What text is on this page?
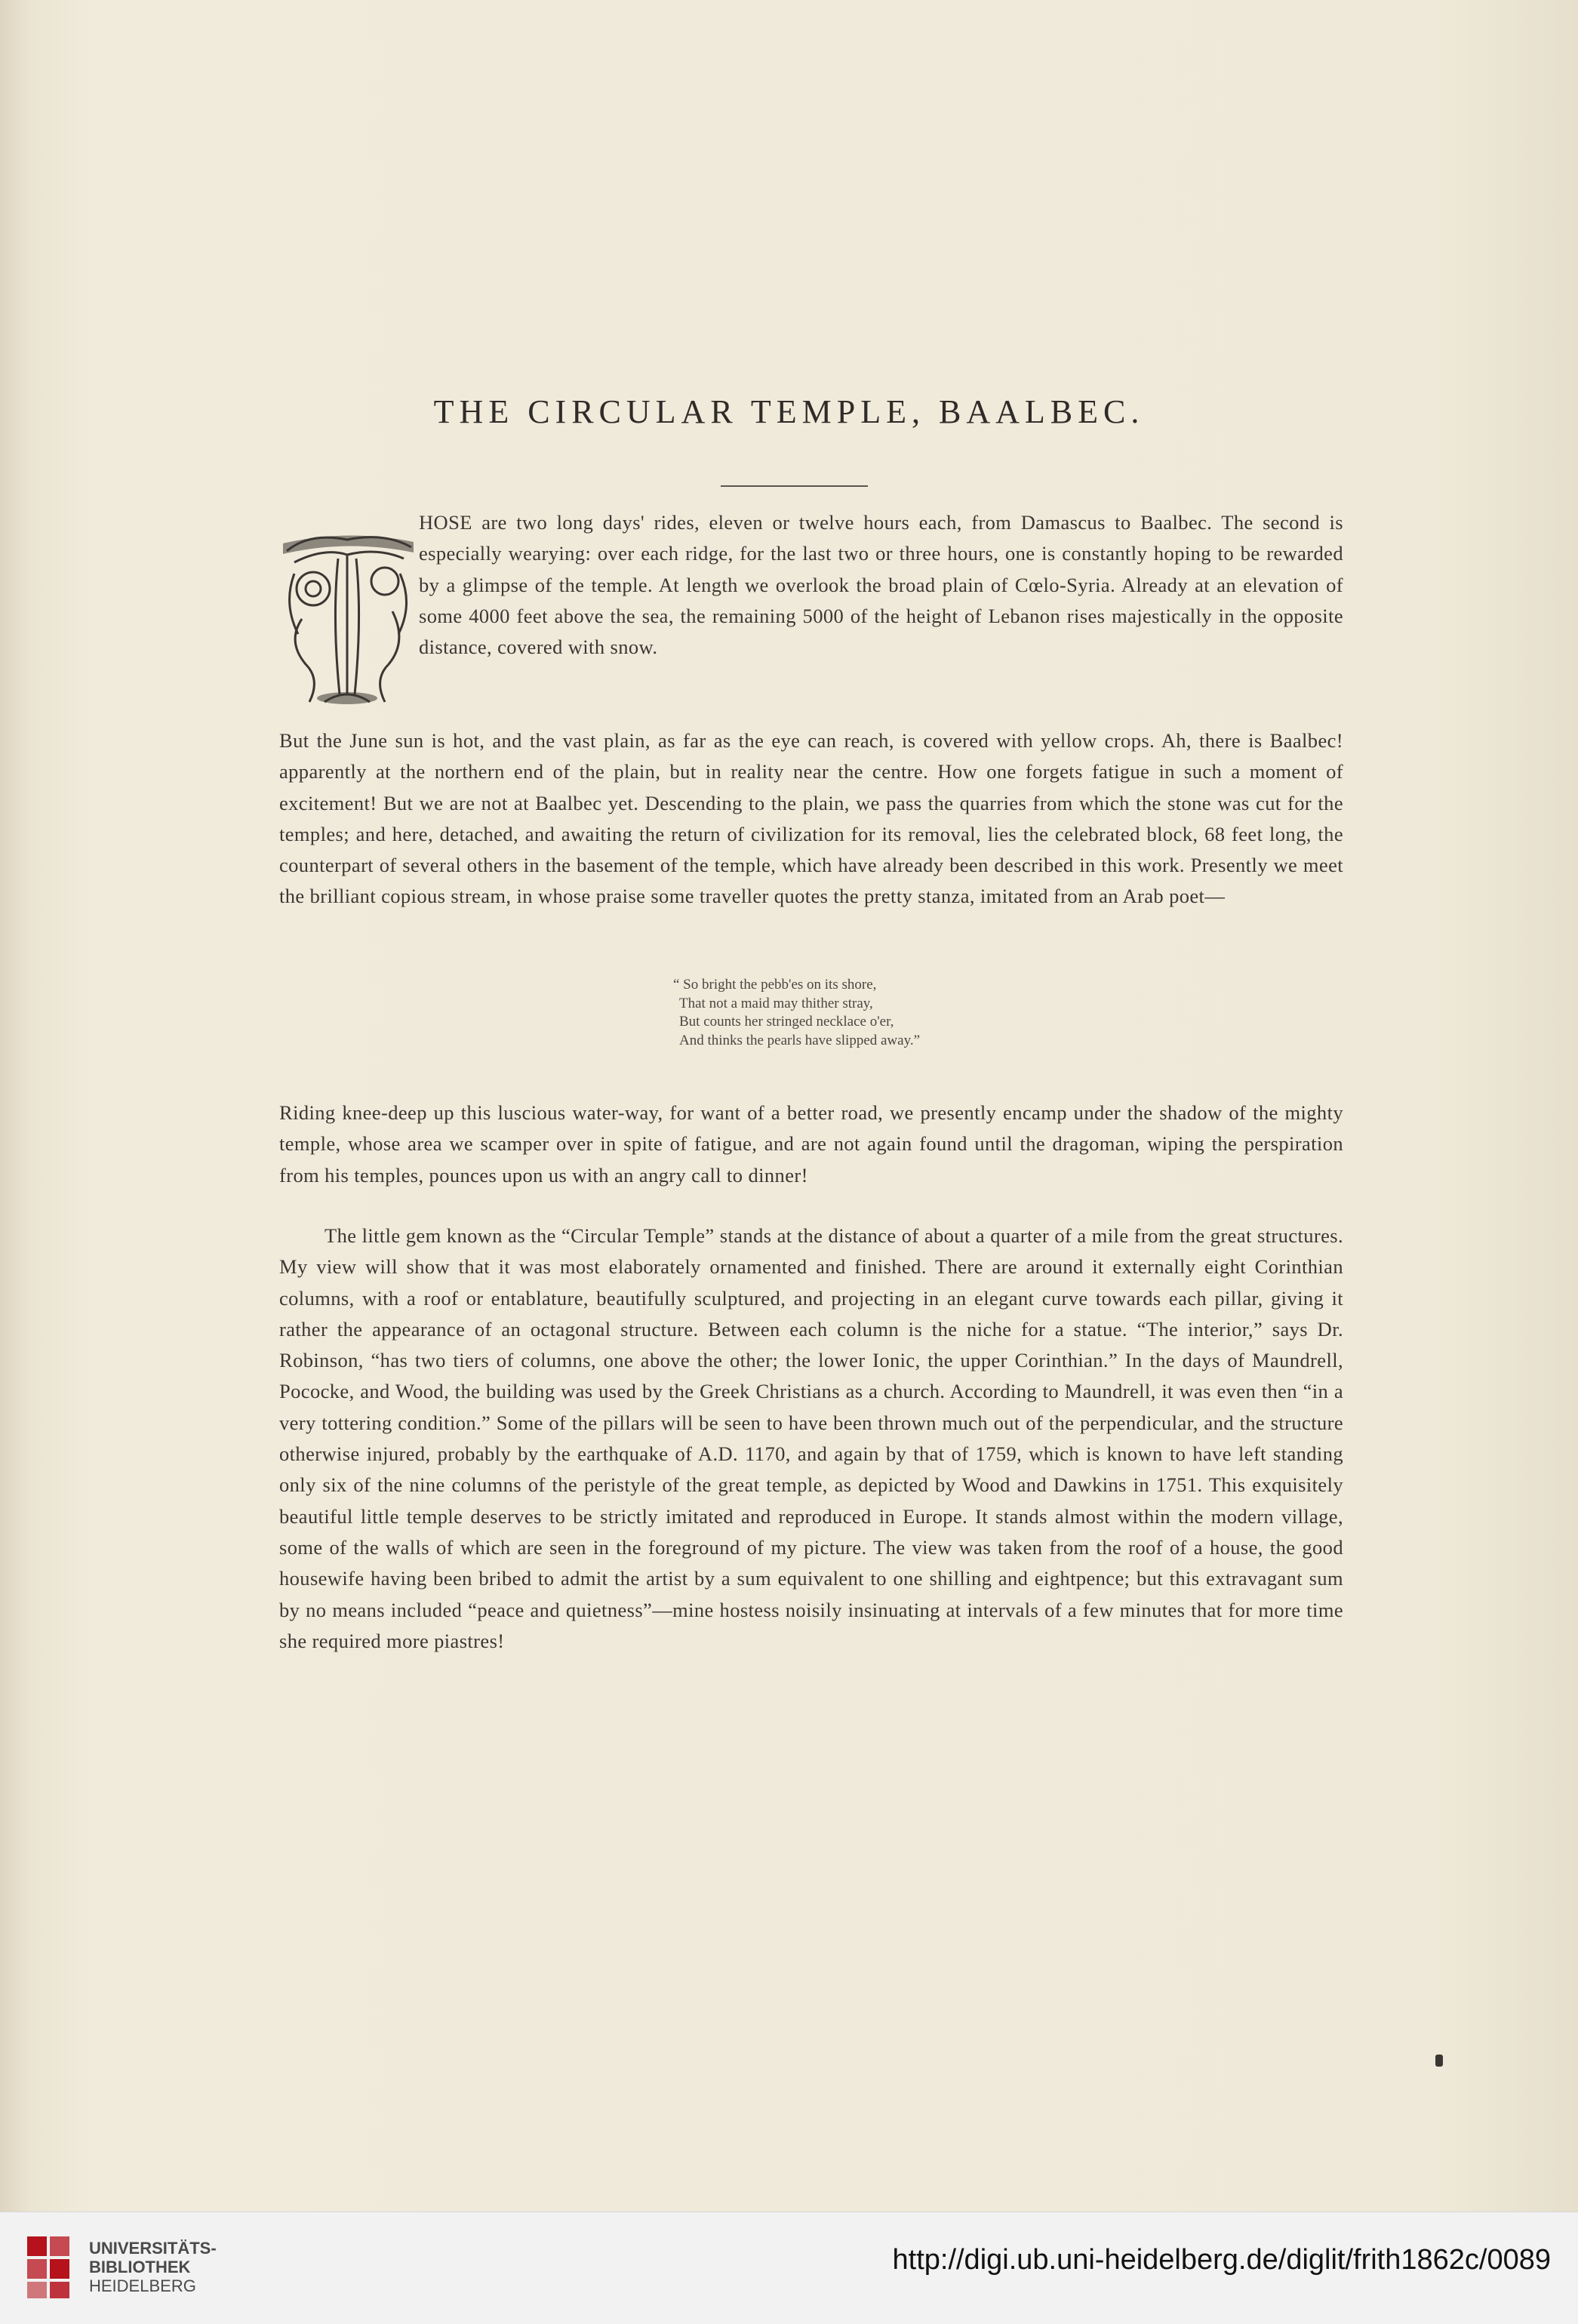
THE CIRCULAR TEMPLE, BAALBEC.

HOSE are two long days' rides, eleven or twelve hours each, from Damascus to Baalbec. The second is especially wearying: over each ridge, for the last two or three hours, one is constantly hoping to be rewarded by a glimpse of the temple. At length we overlook the broad plain of Cœlo-Syria. Already at an elevation of some 4000 feet above the sea, the remaining 5000 of the height of Lebanon rises majestically in the opposite distance, covered with snow.

But the June sun is hot, and the vast plain, as far as the eye can reach, is covered with yellow crops. Ah, there is Baalbec! apparently at the northern end of the plain, but in reality near the centre. How one forgets fatigue in such a moment of excitement! But we are not at Baalbec yet. Descending to the plain, we pass the quarries from which the stone was cut for the temples; and here, detached, and awaiting the return of civilization for its removal, lies the celebrated block, 68 feet long, the counterpart of several others in the basement of the temple, which have already been described in this work. Presently we meet the brilliant copious stream, in whose praise some traveller quotes the pretty stanza, imitated from an Arab poet—

“ So bright the pebb'es on its shore,
That not a maid may thither stray,
But counts her stringed necklace o'er,
And thinks the pearls have slipped away.”

Riding knee-deep up this luscious water-way, for want of a better road, we presently encamp under the shadow of the mighty temple, whose area we scamper over in spite of fatigue, and are not again found until the dragoman, wiping the perspiration from his temples, pounces upon us with an angry call to dinner!

The little gem known as the “Circular Temple” stands at the distance of about a quarter of a mile from the great structures. My view will show that it was most elaborately ornamented and finished. There are around it externally eight Corinthian columns, with a roof or entablature, beautifully sculptured, and projecting in an elegant curve towards each pillar, giving it rather the appearance of an octagonal structure. Between each column is the niche for a statue. “The interior,” says Dr. Robinson, “has two tiers of columns, one above the other; the lower Ionic, the upper Corinthian.” In the days of Maundrell, Pococke, and Wood, the building was used by the Greek Christians as a church. According to Maundrell, it was even then “in a very tottering condition.” Some of the pillars will be seen to have been thrown much out of the perpendicular, and the structure otherwise injured, probably by the earthquake of A.D. 1170, and again by that of 1759, which is known to have left standing only six of the nine columns of the peristyle of the great temple, as depicted by Wood and Dawkins in 1751. This exquisitely beautiful little temple deserves to be strictly imitated and reproduced in Europe. It stands almost within the modern village, some of the walls of which are seen in the foreground of my picture. The view was taken from the roof of a house, the good housewife having been bribed to admit the artist by a sum equivalent to one shilling and eightpence; but this extravagant sum by no means included “peace and quietness”—mine hostess noisily insinuating at intervals of a few minutes that for more time she required more piastres!

UNIVERSITÄTS-
BIBLIOTHEK
HEIDELBERG
http://digi.ub.uni-heidelberg.de/diglit/frith1862c/0089
